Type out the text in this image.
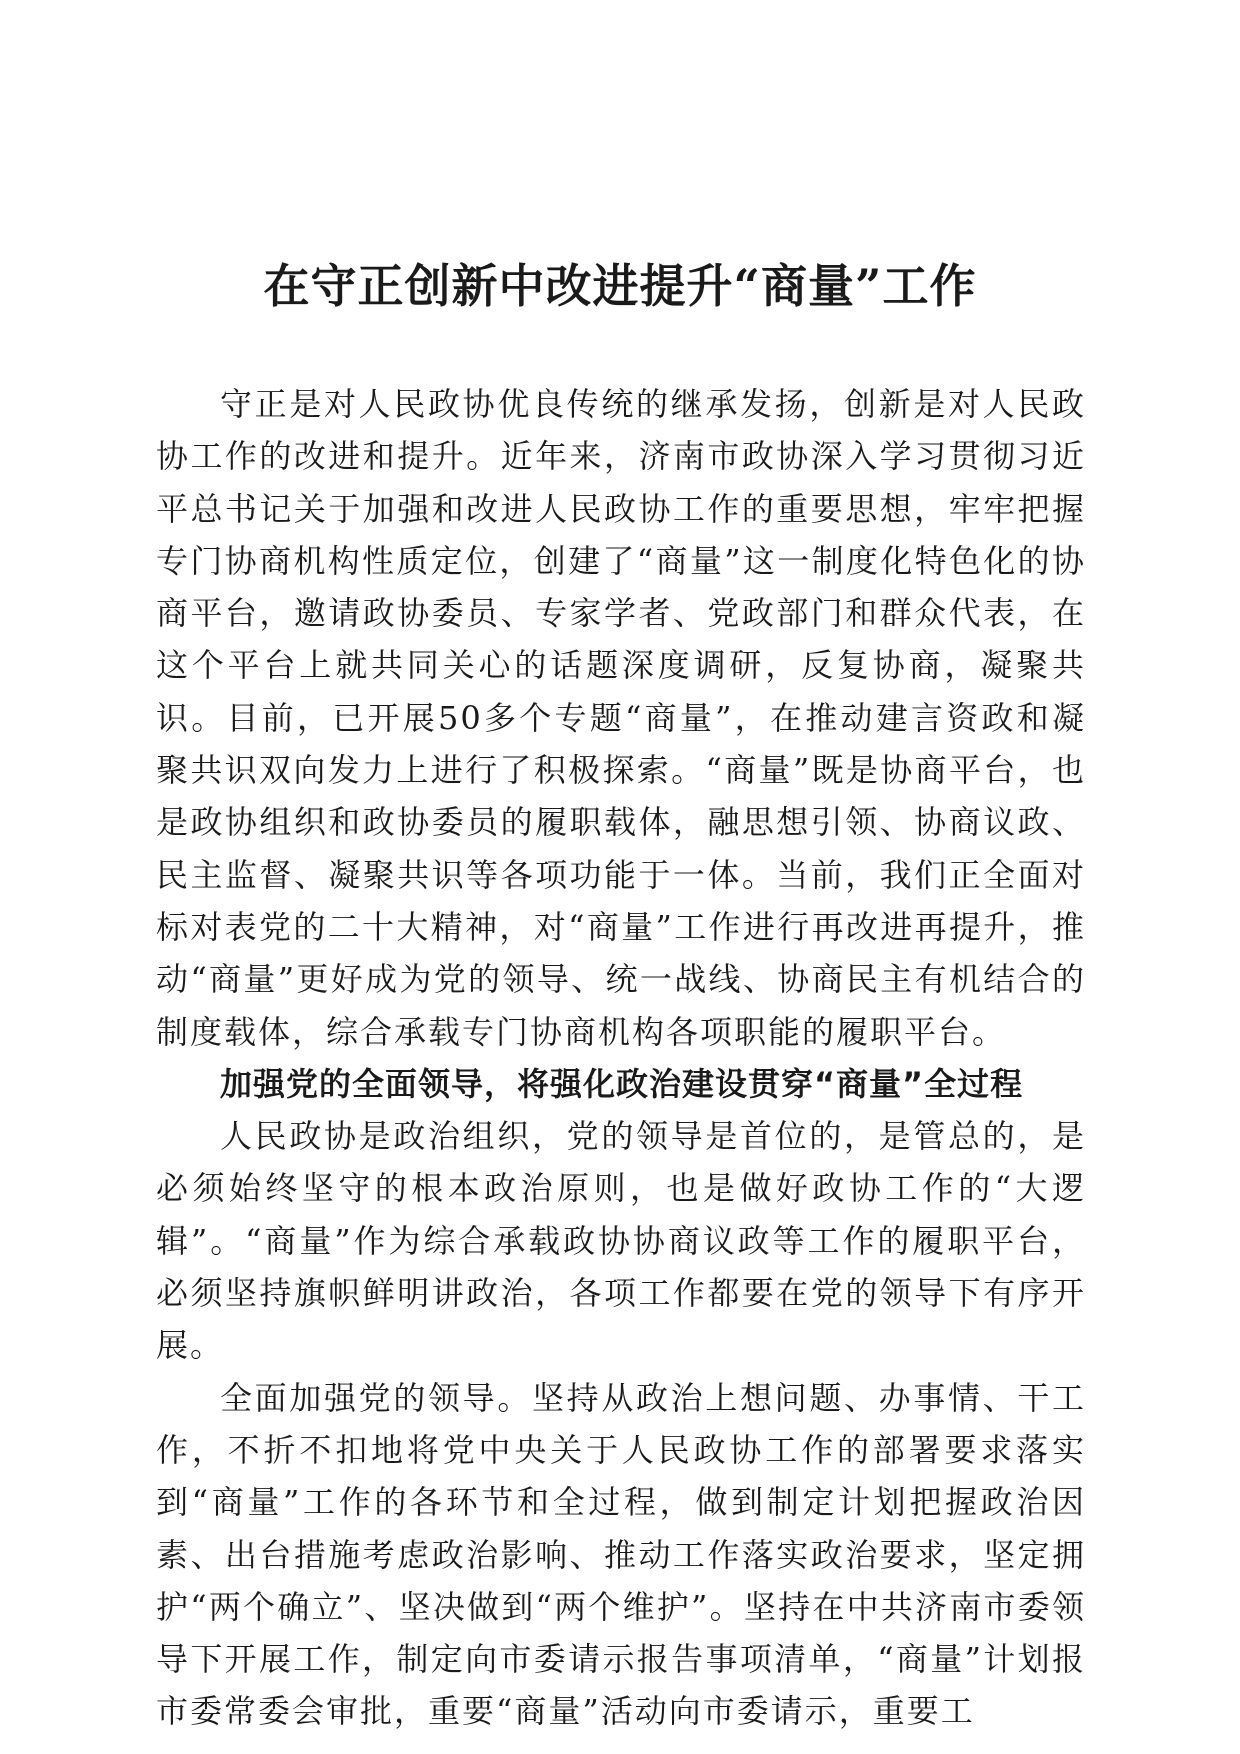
在守正创新中改进提升“商量”工作

守正是对人民政协优良传统的继承发扬，创新是对人民政协工作的改进和提升。近年来，济南市政协深入学习贯彻习近平总书记关于加强和改进人民政协工作的重要思想，牢牢把握专门协商机构性质定位，创建了“商量”这一制度化特色化的协商平台，邀请政协委员、专家学者、党政部门和群众代表，在这个平台上就共同关心的话题深度调研，反复协商，凝聚共识。目前，已开展50多个专题“商量”，在推动建言资政和凝聚共识双向发力上进行了积极探索。“商量”既是协商平台，也是政协组织和政协委员的履职载体，融思想引领、协商议政、民主监督、凝聚共识等各项功能于一体。当前，我们正全面对标对表党的二十大精神，对“商量”工作进行再改进再提升，推动“商量”更好成为党的领导、统一战线、协商民主有机结合的制度载体，综合承载专门协商机构各项职能的履职平台。

加强党的全面领导，将强化政治建设贯穿“商量”全过程

人民政协是政治组织，党的领导是首位的，是管总的，是必须始终坚守的根本政治原则，也是做好政协工作的“大逻辑”。“商量”作为综合承载政协协商议政等工作的履职平台，必须坚持旗帜鲜明讲政治，各项工作都要在党的领导下有序开展。

全面加强党的领导。坚持从政治上想问题、办事情、干工作，不折不扣地将党中央关于人民政协工作的部署要求落实到“商量”工作的各环节和全过程，做到制定计划把握政治因素、出台措施考虑政治影响、推动工作落实政治要求，坚定拥护“两个确立”、坚决做到“两个维护”。坚持在中共济南市委领导下开展工作，制定向市委请示报告事项清单，“商量”计划报市委常委会审批，重要“商量”活动向市委请示，重要工
